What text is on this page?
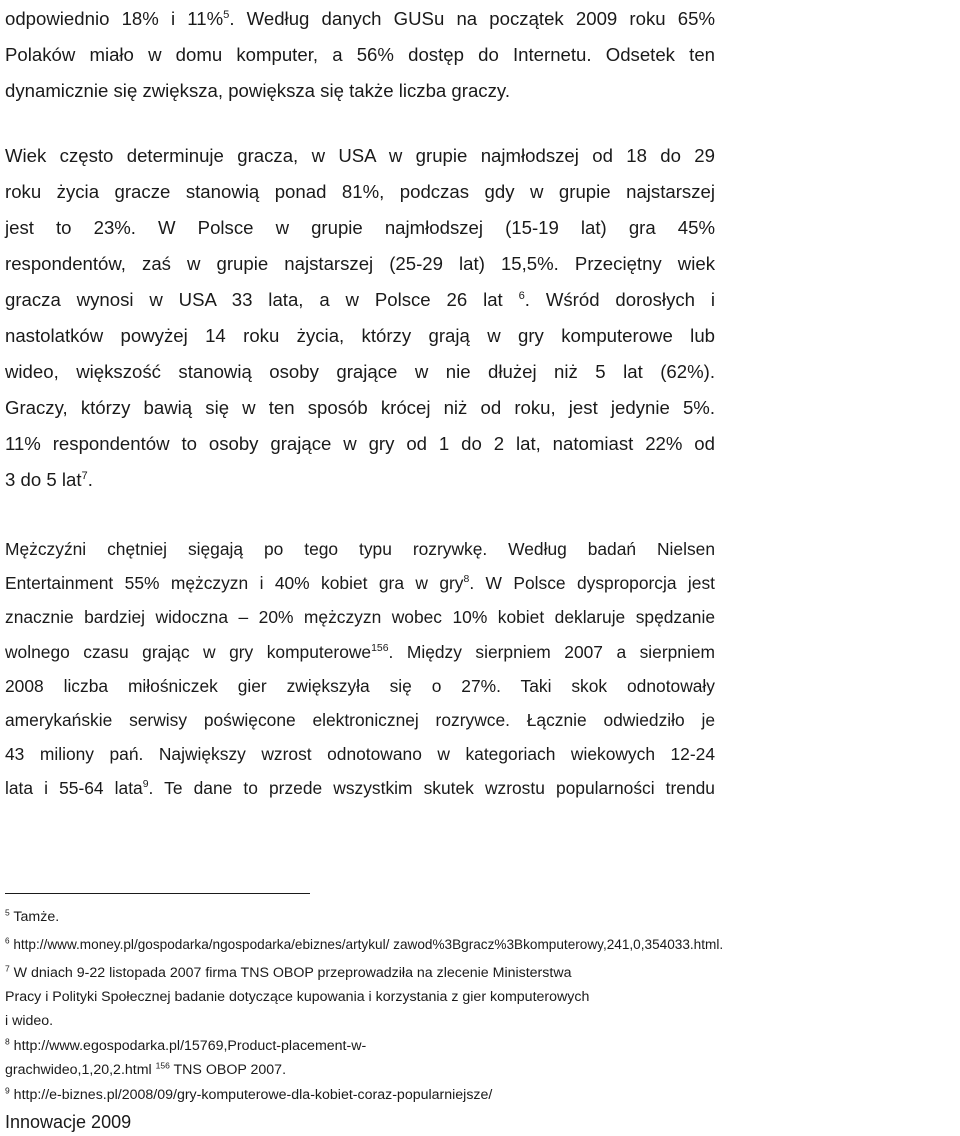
odpowiednio 18% i 11%$^5$. Według danych GUSu na początek 2009 roku 65%
Polaków miało w domu komputer, a 56% dostęp do Internetu. Odsetek ten
dynamicznie się zwiększa, powiększa się także liczba graczy.
Wiek często determinuje gracza, w USA w grupie najmłodszej od 18 do 29
roku życia gracze stanowią ponad 81%, podczas gdy w grupie najstarszej
jest to 23%. W Polsce w grupie najmłodszej (15-19 lat) gra 45%
respondentów, zaś w grupie najstarszej (25-29 lat) 15,5%. Przeciętny wiek
gracza wynosi w USA 33 lata, a w Polsce 26 lat $^6$. Wśród dorosłych i
nastolatków powyżej 14 roku życia, którzy grają w gry komputerowe lub
wideo, większość stanowią osoby grające w nie dłużej niż 5 lat (62%).
Graczy, którzy bawią się w ten sposób krócej niż od roku, jest jedynie 5%.
11% respondentów to osoby grające w gry od 1 do 2 lat, natomiast 22% od
3 do 5 lat$^7$.
Mężczyźni chętniej sięgają po tego typu rozrywkę. Według badań Nielsen
Entertainment 55% mężczyzn i 40% kobiet gra w gry$^8$. W Polsce dysproporcja jest
znacznie bardziej widoczna – 20% mężczyzn wobec 10% kobiet deklaruje spędzanie
wolnego czasu grając w gry komputerowe$^{156}$. Między sierpniem 2007 a sierpniem
2008 liczba miłośniczek gier zwiększyła się o 27%. Taki skok odnotowały
amerykańskie serwisy poświęcone elektronicznej rozrywce. Łącznie odwiedziło je
43 miliony pań. Największy wzrost odnotowano w kategoriach wiekowych 12-24
lata i 55-64 lata$^9$. Te dane to przede wszystkim skutek wzrostu popularności trendu
$^5$ Tamże.
$^6$ http://www.money.pl/gospodarka/ngospodarka/ebiznes/artykul/ zawod%3Bgracz%3Bkomputerowy,241,0,354033.html.
$^7$ W dniach 9-22 listopada 2007 firma TNS OBOP przeprowadziła na zlecenie Ministerstwa
Pracy i Polityki Społecznej badanie dotyczące kupowania i korzystania z gier komputerowych
i wideo.
$^8$ http://www.egospodarka.pl/15769,Product-placement-w-
grachwideo,1,20,2.html $^{156}$ TNS OBOP 2007.
$^9$ http://e-biznes.pl/2008/09/gry-komputerowe-dla-kobiet-coraz-popularniejsze/
Innowacje 2009
